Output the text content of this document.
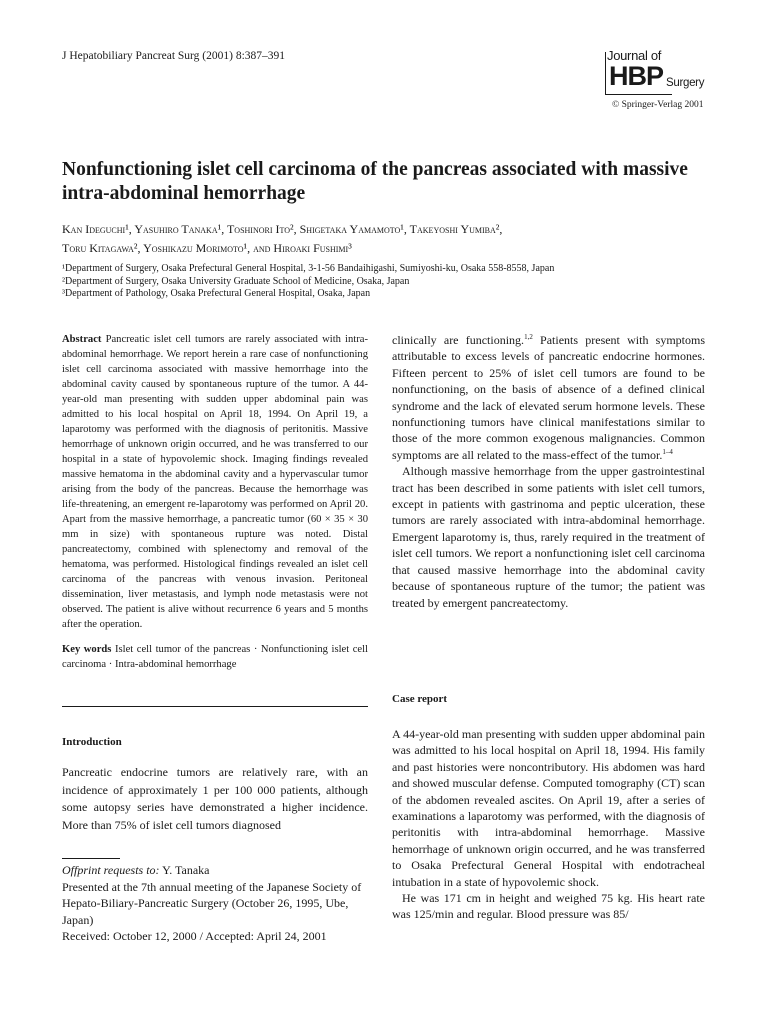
J Hepatobiliary Pancreat Surg (2001) 8:387–391	Journal of
HBP Surgery
© Springer-Verlag 2001
Nonfunctioning islet cell carcinoma of the pancreas associated with massive intra-abdominal hemorrhage
Kan Ideguchi¹, Yasuhiro Tanaka¹, Toshinori Ito², Shigetaka Yamamoto¹, Takeyoshi Yumiba²,
Toru Kitagawa², Yoshikazu Morimoto¹, and Hiroaki Fushimi³
¹Department of Surgery, Osaka Prefectural General Hospital, 3-1-56 Bandaihigashi, Sumiyoshi-ku, Osaka 558-8558, Japan
²Department of Surgery, Osaka University Graduate School of Medicine, Osaka, Japan
³Department of Pathology, Osaka Prefectural General Hospital, Osaka, Japan

Abstract Pancreatic islet cell tumors are rarely associated with intra-abdominal hemorrhage. We report herein a rare case of nonfunctioning islet cell carcinoma associated with massive hemorrhage into the abdominal cavity caused by spontaneous rupture of the tumor. A 44-year-old man presenting with sudden upper abdominal pain was admitted to his local hospital on April 18, 1994. On April 19, a laparotomy was performed with the diagnosis of peritonitis. Massive hemorrhage of unknown origin occurred, and he was transferred to our hospital in a state of hypovolemic shock. Imaging findings revealed massive hematoma in the abdominal cavity and a hypervascular tumor arising from the body of the pancreas. Because the hemorrhage was life-threatening, an emergent re-laparotomy was performed on April 20. Apart from the massive hemorrhage, a pancreatic tumor (60 × 35 × 30 mm in size) with spontaneous rupture was noted. Distal pancreatectomy, combined with splenectomy and removal of the hematoma, was performed. Histological findings revealed an islet cell carcinoma of the pancreas with venous invasion. Peritoneal dissemination, liver metastasis, and lymph node metastasis were not observed. The patient is alive without recurrence 6 years and 5 months after the operation.

Key words Islet cell tumor of the pancreas · Nonfunctioning islet cell carcinoma · Intra-abdominal hemorrhage

Introduction
Pancreatic endocrine tumors are relatively rare, with an incidence of approximately 1 per 100 000 patients, although some autopsy series have demonstrated a higher incidence. More than 75% of islet cell tumors diagnosed

Offprint requests to: Y. Tanaka

Presented at the 7th annual meeting of the Japanese Society of Hepato-Biliary-Pancreatic Surgery (October 26, 1995, Ube, Japan)

Received: October 12, 2000 / Accepted: April 24, 2001

clinically are functioning.$^{1,2}$ Patients present with symptoms attributable to excess levels of pancreatic endocrine hormones. Fifteen percent to 25% of islet cell tumors are found to be nonfunctioning, on the basis of absence of a defined clinical syndrome and the lack of elevated serum hormone levels. These nonfunctioning tumors have clinical manifestations similar to those of the more common exogenous malignancies. Common symptoms are all related to the mass-effect of the tumor.$^{1-4}$

Although massive hemorrhage from the upper gastrointestinal tract has been described in some patients with islet cell tumors, except in patients with gastrinoma and peptic ulceration, these tumors are rarely associated with intra-abdominal hemorrhage. Emergent laparotomy is, thus, rarely required in the treatment of islet cell tumors. We report a nonfunctioning islet cell carcinoma that caused massive hemorrhage into the abdominal cavity because of spontaneous rupture of the tumor; the patient was treated by emergent pancreatectomy.

Case report

A 44-year-old man presenting with sudden upper abdominal pain was admitted to his local hospital on April 18, 1994. His family and past histories were noncontributory. His abdomen was hard and showed muscular defense. Computed tomography (CT) scan of the abdomen revealed ascites. On April 19, after a series of examinations a laparotomy was performed, with the diagnosis of peritonitis with intra-abdominal hemorrhage. Massive hemorrhage of unknown origin occurred, and he was transferred to Osaka Prefectural General Hospital with endotracheal intubation in a state of hypovolemic shock.

He was 171 cm in height and weighed 75 kg. His heart rate was 125/min and regular. Blood pressure was 85/
